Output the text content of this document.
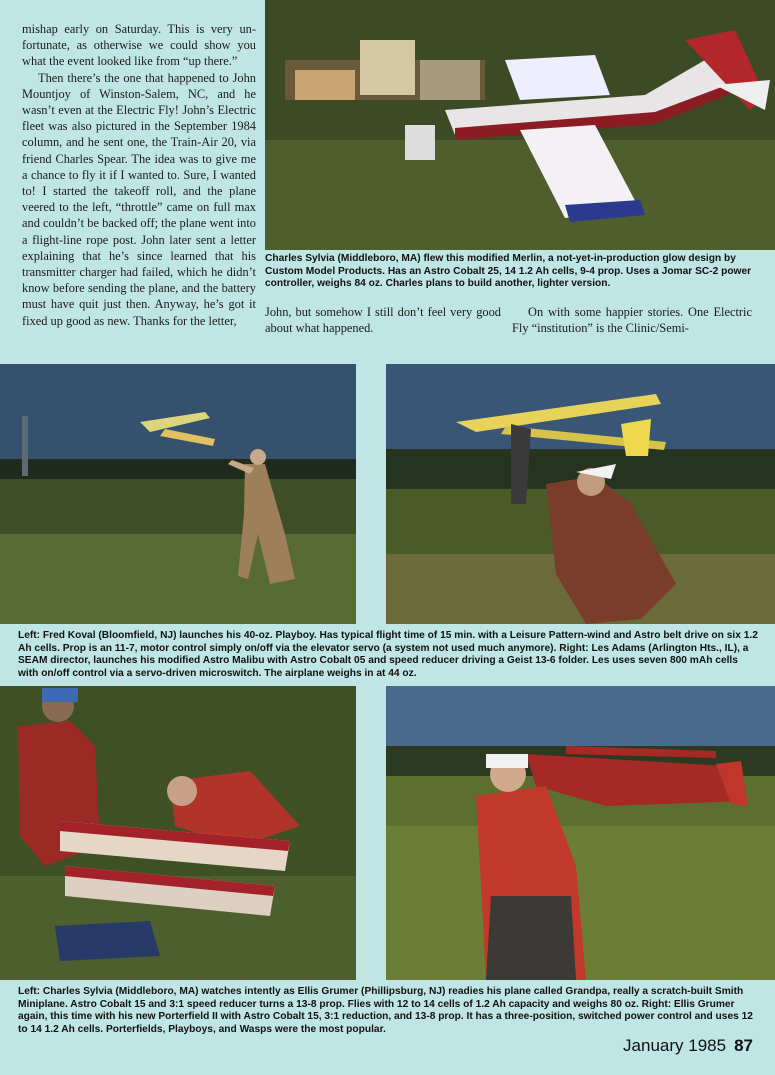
mishap early on Saturday. This is very unfortunate, as otherwise we could show you what the event looked like from “up there.”

Then there’s the one that happened to John Mountjoy of Winston-Salem, NC, and he wasn’t even at the Electric Fly! John’s Electric fleet was also pictured in the September 1984 column, and he sent one, the Train-Air 20, via friend Charles Spear. The idea was to give me a chance to fly it if I wanted to. Sure, I wanted to! I started the takeoff roll, and the plane veered to the left, “throttle” came on full max and couldn’t be backed off; the plane went into a flight-line rope post. John later sent a letter explaining that he’s since learned that his transmitter charger had failed, which he didn’t know before sending the plane, and the battery must have quit just then. Anyway, he’s got it fixed up good as new. Thanks for the letter,

Charles Sylvia (Middleboro, MA) flew this modified Merlin, a not-yet-in-production glow design by Custom Model Products. Has an Astro Cobalt 25, 14 1.2 Ah cells, 9-4 prop. Uses a Jomar SC-2 power controller, weighs 84 oz. Charles plans to build another, lighter version.
John, but somehow I still don’t feel very good about what happened.
On with some happier stories. One Electric Fly “institution” is the Clinic/Semi-
Left: Fred Koval (Bloomfield, NJ) launches his 40-oz. Playboy. Has typical flight time of 15 min. with a Leisure Pattern-wind and Astro belt drive on six 1.2 Ah cells. Prop is an 11-7, motor control simply on/off via the elevator servo (a system not used much anymore). Right: Les Adams (Arlington Hts., IL), a SEAM director, launches his modified Astro Malibu with Astro Cobalt 05 and speed reducer driving a Geist 13-6 folder. Les uses seven 800 mAh cells with on/off control via a servo-driven microswitch. The airplane weighs in at 44 oz.
Left: Charles Sylvia (Middleboro, MA) watches intently as Ellis Grumer (Phillipsburg, NJ) readies his plane called Grandpa, really a scratch-built Smith Miniplane. Astro Cobalt 15 and 3:1 speed reducer turns a 13-8 prop. Flies with 12 to 14 cells of 1.2 Ah capacity and weighs 80 oz. Right: Ellis Grumer again, this time with his new Porterfield II with Astro Cobalt 15, 3:1 reduction, and 13-8 prop. It has a three-position, switched power control and uses 12 to 14 1.2 Ah cells. Porterfields, Playboys, and Wasps were the most popular.
January 1985 87
